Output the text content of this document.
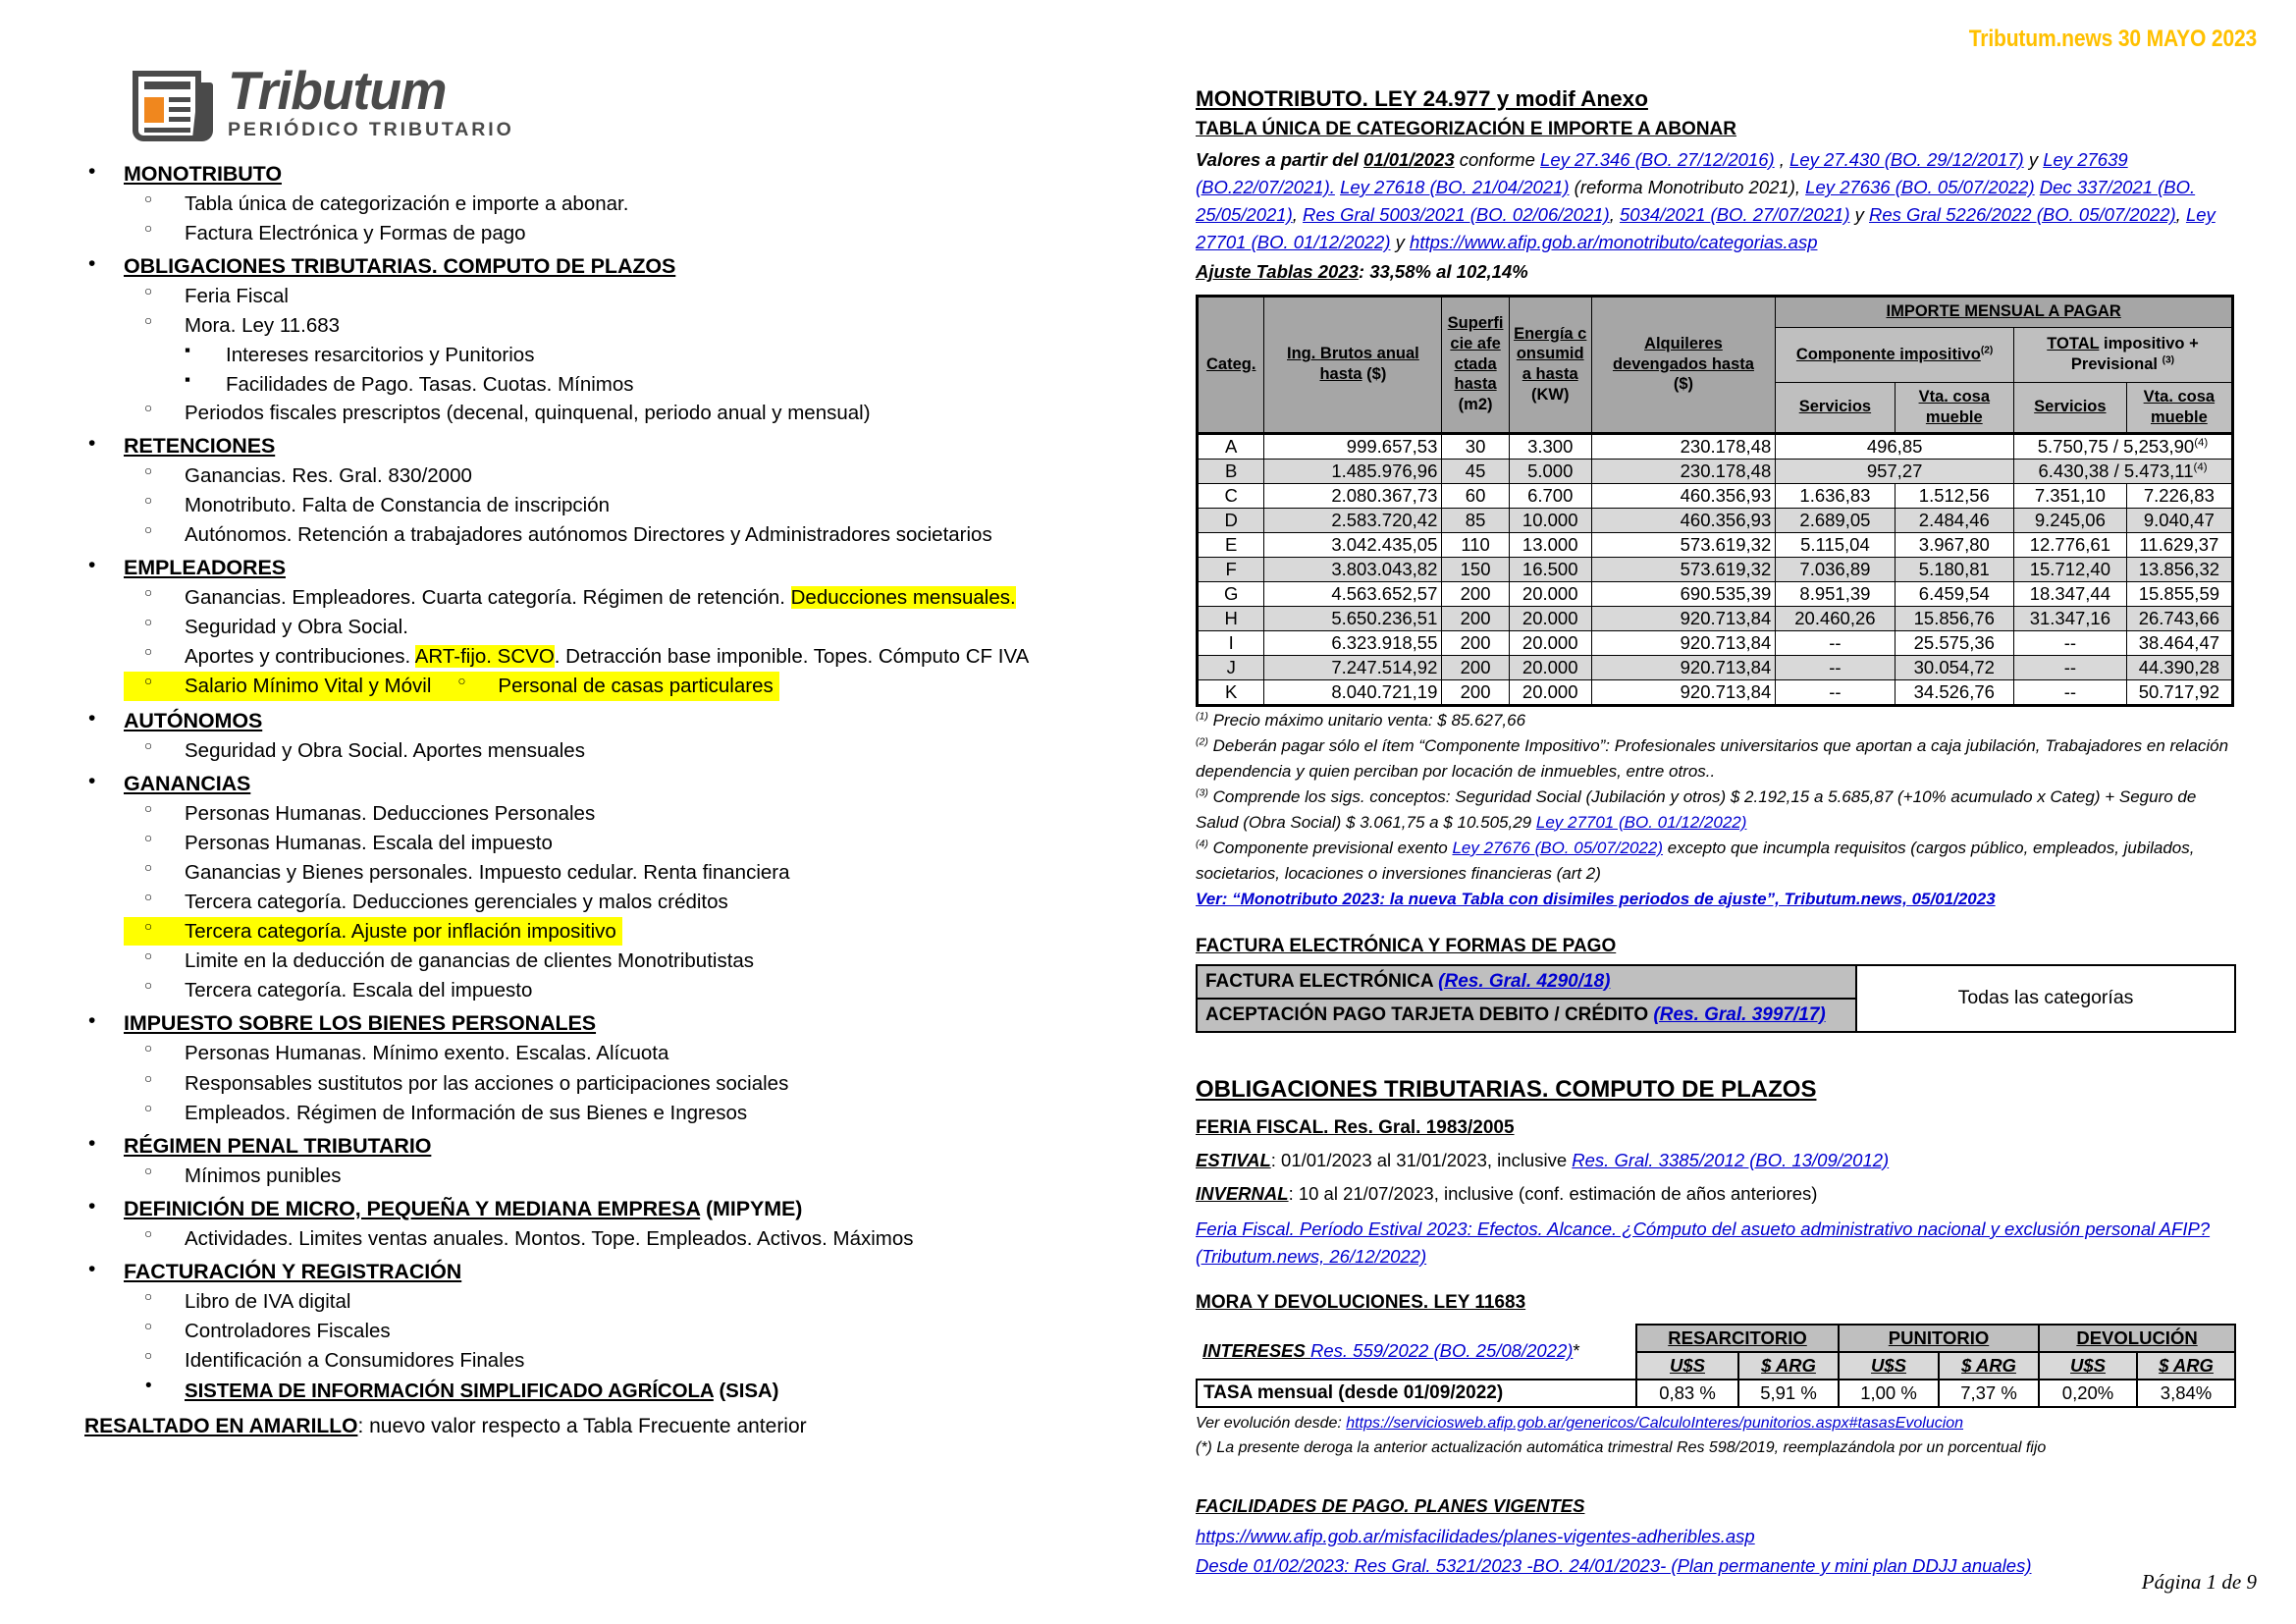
Tributum.news 30 MAYO 2023
Tributum
PERIÓDICO TRIBUTARIO
• MONOTRIBUTO
○ Tabla única de categorización e importe a abonar.
○ Factura Electrónica y Formas de pago
• OBLIGACIONES TRIBUTARIAS. COMPUTO DE PLAZOS
○ Feria Fiscal
○ Mora. Ley 11.683
▪ Intereses resarcitorios y Punitorios
▪ Facilidades de Pago. Tasas. Cuotas. Mínimos
○ Periodos fiscales prescriptos (decenal, quinquenal, periodo anual y mensual)
• RETENCIONES
○ Ganancias. Res. Gral. 830/2000
○ Monotributo. Falta de Constancia de inscripción
○ Autónomos. Retención a trabajadores autónomos Directores y Administradores societarios
• EMPLEADORES
○ Ganancias. Empleadores. Cuarta categoría. Régimen de retención. Deducciones mensuales.
○ Seguridad y Obra Social.
○ Aportes y contribuciones. ART-fijo. SCVO. Detracción base imponible. Topes. Cómputo CF IVA
○ Salario Mínimo Vital y Móvil	○ Personal de casas particulares
• AUTÓNOMOS
○ Seguridad y Obra Social. Aportes mensuales
• GANANCIAS
○ Personas Humanas. Deducciones Personales
○ Personas Humanas. Escala del impuesto
○ Ganancias y Bienes personales. Impuesto cedular. Renta financiera
○ Tercera categoría. Deducciones gerenciales y malos créditos
○ Tercera categoría. Ajuste por inflación impositivo
○ Limite en la deducción de ganancias de clientes Monotributistas
○ Tercera categoría. Escala del impuesto
• IMPUESTO SOBRE LOS BIENES PERSONALES
○ Personas Humanas. Mínimo exento. Escalas. Alícuota
○ Responsables sustitutos por las acciones o participaciones sociales
○ Empleados. Régimen de Información de sus Bienes e Ingresos
• RÉGIMEN PENAL TRIBUTARIO
○ Mínimos punibles
• DEFINICIÓN DE MICRO, PEQUEÑA Y MEDIANA EMPRESA (MIPYME)
○ Actividades. Limites ventas anuales. Montos. Tope. Empleados. Activos. Máximos
• FACTURACIÓN Y REGISTRACIÓN
○ Libro de IVA digital
○ Controladores Fiscales
○ Identificación a Consumidores Finales
• SISTEMA DE INFORMACIÓN SIMPLIFICADO AGRÍCOLA (SISA)
RESALTADO EN AMARILLO: nuevo valor respecto a Tabla Frecuente anterior
MONOTRIBUTO. LEY 24.977 y modif Anexo
TABLA ÚNICA DE CATEGORIZACIÓN E IMPORTE A ABONAR
Valores a partir del 01/01/2023 conforme Ley 27.346 (BO. 27/12/2016) , Ley 27.430 (BO. 29/12/2017) y Ley 27639 (BO.22/07/2021). Ley 27618 (BO. 21/04/2021) (reforma Monotributo 2021), Ley 27636 (BO. 05/07/2022) Dec 337/2021 (BO. 25/05/2021), Res Gral 5003/2021 (BO. 02/06/2021), 5034/2021 (BO. 27/07/2021) y Res Gral 5226/2022 (BO. 05/07/2022), Ley 27701 (BO. 01/12/2022) y https://www.afip.gob.ar/monotributo/categorias.asp
Ajuste Tablas 2023: 33,58% al 102,14%
Categ.	Ing. Brutos anual
hasta ($)	Superfi
cie afe
ctada
hasta
(m2)	Energía c
onsumid
a hasta
(KW)	Alquileres
devengados hasta
($)	IMPORTE MENSUAL A PAGAR			
					Componente impositivo$^{(2)}$		TOTAL impositivo +
Previsional $^{(3)}$
					Servicios	Vta. cosa
mueble	Servicios	Vta. cosa
mueble
A	999.657,53	30	3.300	230.178,48	496,85		5.750,75 / 5,253,90$^{(4)}$
B	1.485.976,96	45	5.000	230.178,48	957,27		6.430,38 / 5.473,11$^{(4)}$
C	2.080.367,73	60	6.700	460.356,93	1.636,83	1.512,56	7.351,10	7.226,83
D	2.583.720,42	85	10.000	460.356,93	2.689,05	2.484,46	9.245,06	9.040,47
E	3.042.435,05	110	13.000	573.619,32	5.115,04	3.967,80	12.776,61	11.629,37
F	3.803.043,82	150	16.500	573.619,32	7.036,89	5.180,81	15.712,40	13.856,32
G	4.563.652,57	200	20.000	690.535,39	8.951,39	6.459,54	18.347,44	15.855,59
H	5.650.236,51	200	20.000	920.713,84	20.460,26	15.856,76	31.347,16	26.743,66
I	6.323.918,55	200	20.000	920.713,84	--	25.575,36	--	38.464,47
J	7.247.514,92	200	20.000	920.713,84	--	30.054,72	--	44.390,28
K	8.040.721,19	200	20.000	920.713,84	--	34.526,76	--	50.717,92
$^{(1)}$ Precio máximo unitario venta: $ 85.627,66
$^{(2)}$ Deberán pagar sólo el ítem “Componente Impositivo”: Profesionales universitarios que aportan a caja jubilación, Trabajadores en relación dependencia y quien perciban por locación de inmuebles, entre otros..
$^{(3)}$ Comprende los sigs. conceptos: Seguridad Social (Jubilación y otros) $ 2.192,15 a 5.685,87 (+10% acumulado x Categ) + Seguro de Salud (Obra Social) $ 3.061,75 a $ 10.505,29 Ley 27701 (BO. 01/12/2022)
$^{(4)}$ Componente previsional exento Ley 27676 (BO. 05/07/2022) excepto que incumpla requisitos (cargos público, empleados, jubilados, societarios, locaciones o inversiones financieras (art 2)
Ver: “Monotributo 2023: la nueva Tabla con disimiles periodos de ajuste”, Tributum.news, 05/01/2023
FACTURA ELECTRÓNICA Y FORMAS DE PAGO
FACTURA ELECTRÓNICA (Res. Gral. 4290/18)	Todas las categorías
ACEPTACIÓN PAGO TARJETA DEBITO / CRÉDITO (Res. Gral. 3997/17)
OBLIGACIONES TRIBUTARIAS. COMPUTO DE PLAZOS
FERIA FISCAL. Res. Gral. 1983/2005
ESTIVAL: 01/01/2023 al 31/01/2023, inclusive Res. Gral. 3385/2012 (BO. 13/09/2012)
INVERNAL: 10 al 21/07/2023, inclusive (conf. estimación de años anteriores)
Feria Fiscal. Período Estival 2023: Efectos. Alcance. ¿Cómputo del asueto administrativo nacional y exclusión personal AFIP? (Tributum.news, 26/12/2022)
MORA Y DEVOLUCIONES. LEY 11683
INTERESES Res. 559/2022 (BO. 25/08/2022)*	RESARCITORIO		PUNITORIO		DEVOLUCIÓN	
	U$S	$ ARG	U$S	$ ARG	U$S	$ ARG
TASA mensual (desde 01/09/2022)	0,83 %	5,91 %	1,00 %	7,37 %	0,20%	3,84%
Ver evolución desde: https://serviciosweb.afip.gob.ar/genericos/CalculoInteres/punitorios.aspx#tasasEvolucion
(*) La presente deroga la anterior actualización automática trimestral Res 598/2019, reemplazándola por un porcentual fijo
FACILIDADES DE PAGO. PLANES VIGENTES
https://www.afip.gob.ar/misfacilidades/planes-vigentes-adheribles.asp
Desde 01/02/2023: Res Gral. 5321/2023 -BO. 24/01/2023- (Plan permanente y mini plan DDJJ anuales)
Página 1 de 9
